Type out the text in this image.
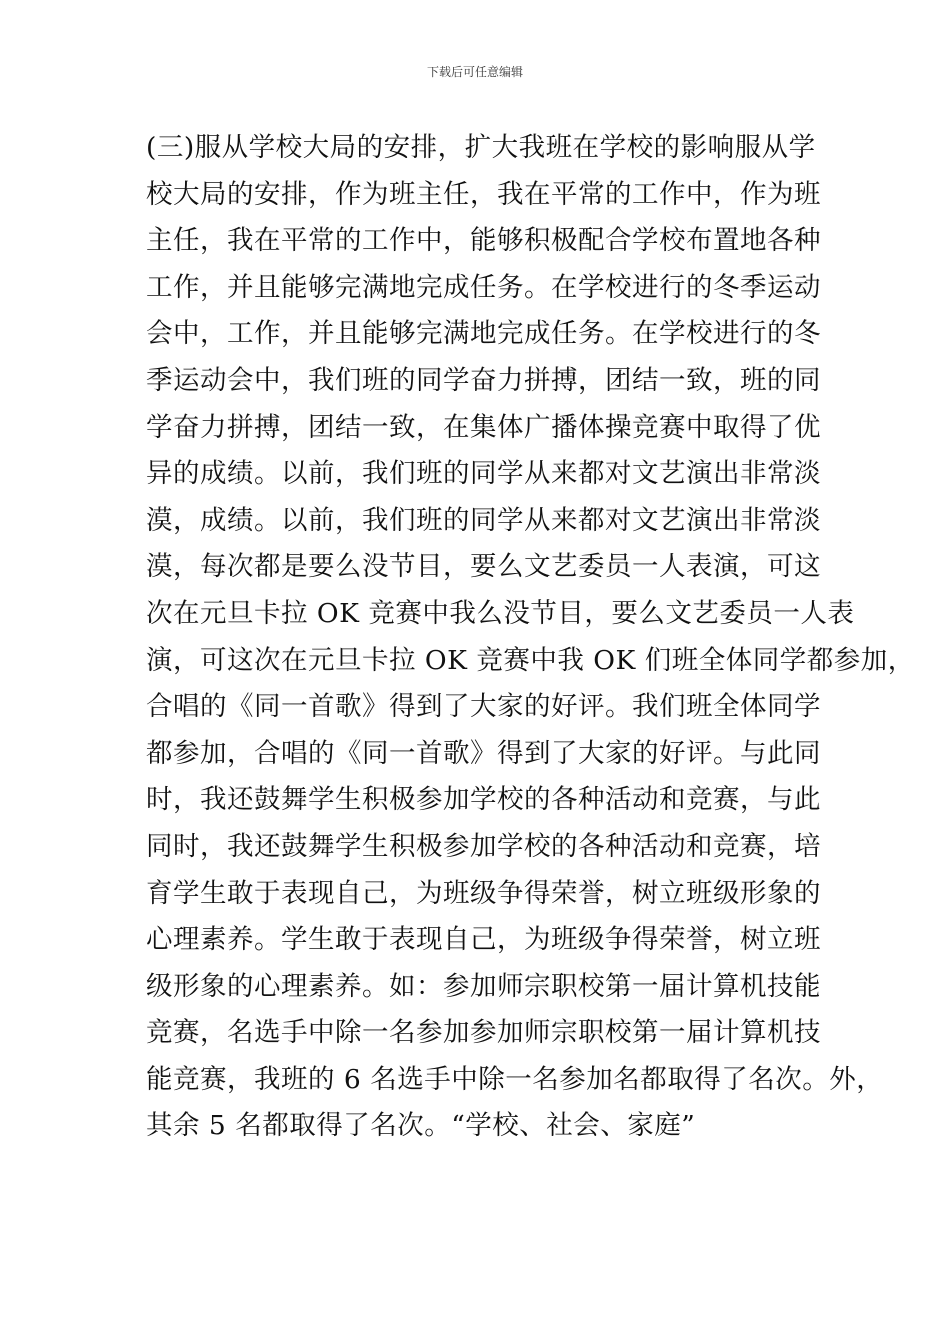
下载后可任意编辑
(三)服从学校大局的安排，扩大我班在学校的影响服从学
校大局的安排，作为班主任，我在平常的工作中，作为班
主任，我在平常的工作中，能够积极配合学校布置地各种
工作，并且能够完满地完成任务。在学校进行的冬季运动
会中，工作，并且能够完满地完成任务。在学校进行的冬
季运动会中，我们班的同学奋力拼搏，团结一致，班的同
学奋力拼搏，团结一致，在集体广播体操竞赛中取得了优
异的成绩。以前，我们班的同学从来都对文艺演出非常淡
漠，成绩。以前，我们班的同学从来都对文艺演出非常淡
漠，每次都是要么没节目，要么文艺委员一人表演，可这
次在元旦卡拉 OK 竞赛中我么没节目，要么文艺委员一人表
演，可这次在元旦卡拉 OK 竞赛中我 OK 们班全体同学都参加，
合唱的《同一首歌》得到了大家的好评。我们班全体同学
都参加，合唱的《同一首歌》得到了大家的好评。与此同
时，我还鼓舞学生积极参加学校的各种活动和竞赛，与此
同时，我还鼓舞学生积极参加学校的各种活动和竞赛，培
育学生敢于表现自己，为班级争得荣誉，树立班级形象的
心理素养。学生敢于表现自己，为班级争得荣誉，树立班
级形象的心理素养。如：参加师宗职校第一届计算机技能
竞赛，名选手中除一名参加参加师宗职校第一届计算机技
能竞赛，我班的 6 名选手中除一名参加名都取得了名次。外，
其余 5 名都取得了名次。“学校、社会、家庭”
